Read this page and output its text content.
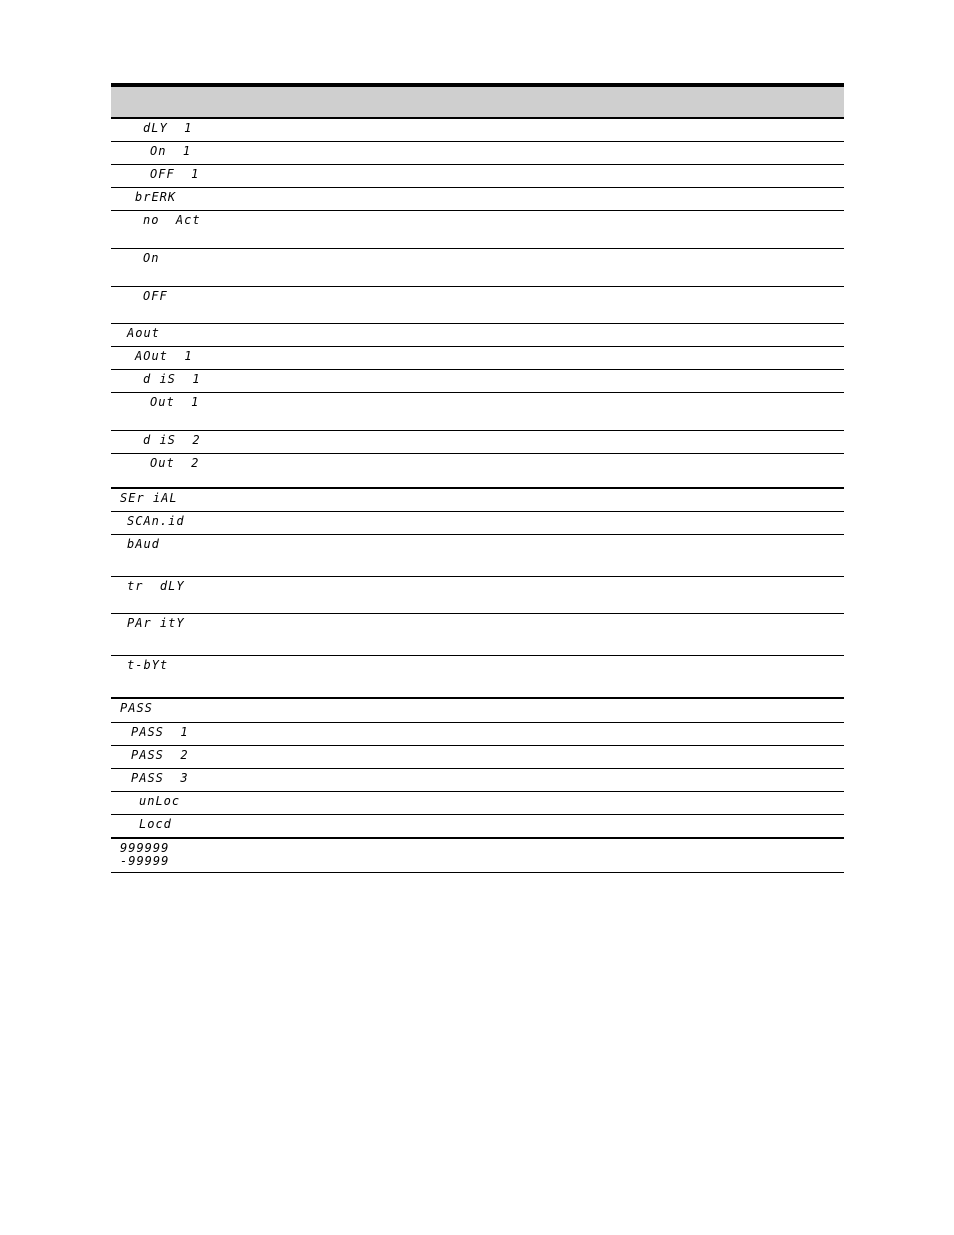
dLY  1
On  1
OFF  1
brERK
no  Act
On
OFF
Aout
AOut  1
d iS  1
Out  1
d iS  2
Out  2
SEr iAL
SCAn.id
bAud
tr  dLY
PAr itY
t-bYt
PASS
PASS  1
PASS  2
PASS  3
unLoc
Locd
999999
-99999
